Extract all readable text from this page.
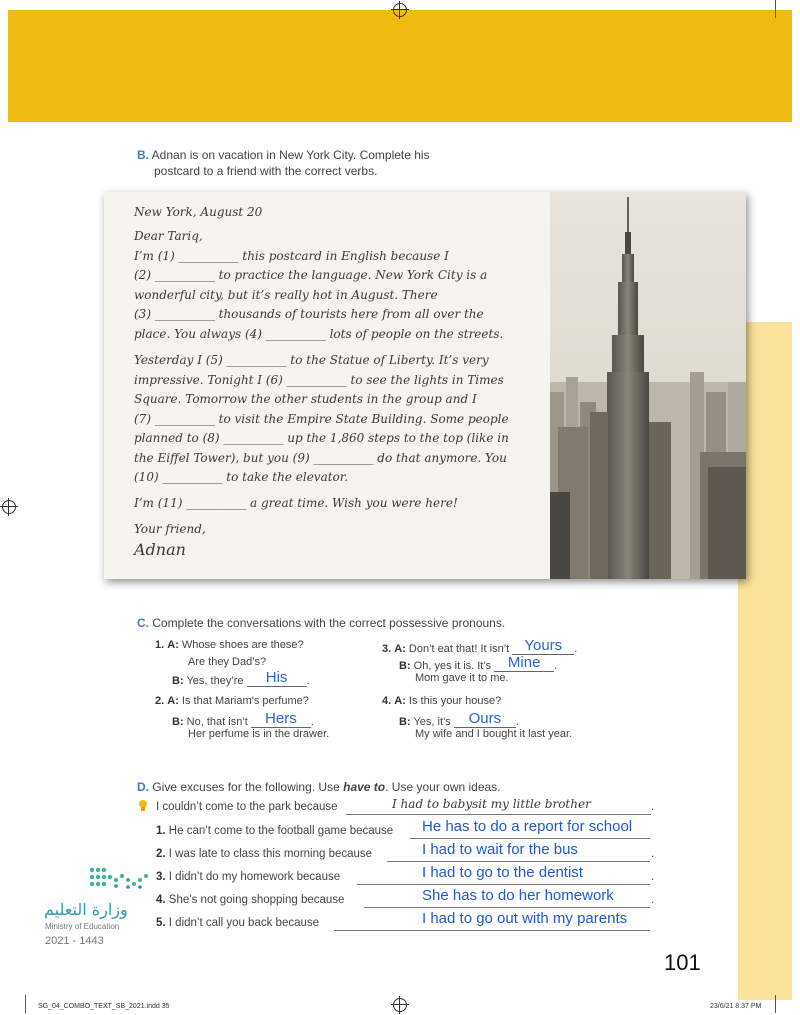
B. Adnan is on vacation in New York City. Complete his
postcard to a friend with the correct verbs.
New York, August 20
Dear Tariq,
I’m (1) __________ this postcard in English because I
(2) __________ to practice the language. New York City is a
wonderful city, but it’s really hot in August. There
(3) __________ thousands of tourists here from all over the
place. You always (4) __________ lots of people on the streets.
Yesterday I (5) __________ to the Statue of Liberty. It’s very
impressive. Tonight I (6) __________ to see the lights in Times
Square. Tomorrow the other students in the group and I
(7) __________ to visit the Empire State Building. Some people
planned to (8) __________ up the 1,860 steps to the top (like in
the Eiffel Tower), but you (9) __________ do that anymore. You
(10) __________ to take the elevator.
I’m (11) __________ a great time. Wish you were here!
Your friend,
Adnan
C. Complete the conversations with the correct possessive pronouns.
1. A: Whose shoes are these?
Are they Dad’s?
B: Yes, they’re His .
2. A: Is that Mariam’s perfume?
B: No, that isn’t Hers .
Her perfume is in the drawer.
3. A: Don’t eat that! It isn’t Yours .
B: Oh, yes it is. It’s Mine .
Mom gave it to me.
4. A: Is this your house?
B: Yes, it’s Ours .
My wife and I bought it last year.
D. Give excuses for the following. Use have to. Use your own ideas.
I couldn’t come to the park because	I had to babysit my little brother	.
1. He can’t come to the football game because He has to do a report for school
2. I was late to class this morning because	I had to wait for the bus	.
3. I didn’t do my homework because	I had to go to the dentist	.
4. She’s not going shopping because	She has to do her homework	.
5. I didn’t call you back because	I had to go out with my parents
وزارة التعليم
Ministry of Education
2021 - 1443
101
SG_04_COMBO_TEXT_SB_2021.indd 35	23/6/21 8:37 PM
